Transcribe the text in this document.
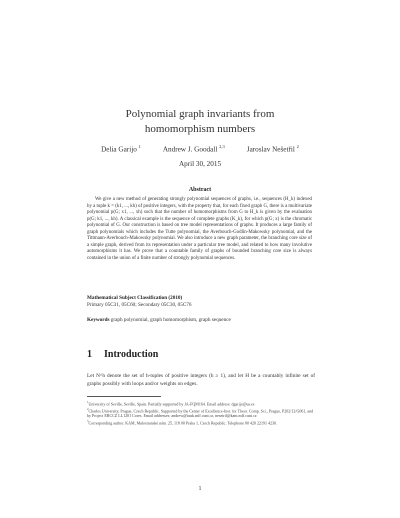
Polynomial graph invariants from
homomorphism numbers
Delia Garijo $^1$	Andrew J. Goodall $^{2,3}$	Jaroslav Nešetřil $^2$
April 30, 2015
Abstract
We give a new method of generating strongly polynomial sequences of graphs, i.e., sequences (H_k) indexed by a tuple k = (k1, ..., kh) of positive integers, with the property that, for each fixed graph G, there is a multivariate polynomial p(G; x1, ..., xh) such that the number of homomorphisms from G to H_k is given by the evaluation p(G; k1, ..., kh). A classical example is the sequence of complete graphs (K_k), for which p(G; x) is the chromatic polynomial of G. Our construction is based on tree model representations of graphs. It produces a large family of graph polynomials which includes the Tutte polynomial, the Averbouch-Godlin-Makowsky polynomial, and the Tittmann-Averbouch-Makowsky polynomial. We also introduce a new graph parameter, the branching core size of a simple graph, derived from its representation under a particular tree model, and related to how many involutive automorphisms it has. We prove that a countable family of graphs of bounded branching core size is always contained in the union of a finite number of strongly polynomial sequences.
Mathematical Subject Classification (2010)
Primary 05C31, 05C60; Secondary 05C30, 05C76
Keywords graph polynomial, graph homomorphism, graph sequence
1 Introduction
Let N^h denote the set of h-tuples of positive integers (h ≥ 1), and let H be a countably infinite set of graphs possibly with loops and/or weights on edges.

$^1$University of Seville, Seville, Spain. Partially supported by JA-FQM164. Email address: dgarijo@us.es

$^2$Charles University, Prague, Czech Republic. Supported by the Center of Excellence-Inst. for Theor. Comp. Sci., Prague, P202/12/G061, and by Project ERCCZ LL1201 Cores. Email addresses: andrew@iuuk.mff.cuni.cz, nesetril@kam.mff.cuni.cz

$^3$Corresponding author. KAM, Malostranské nám. 25, 118 00 Praha 1, Czech Republic. Telephone 00 420 22191 4230.

1
